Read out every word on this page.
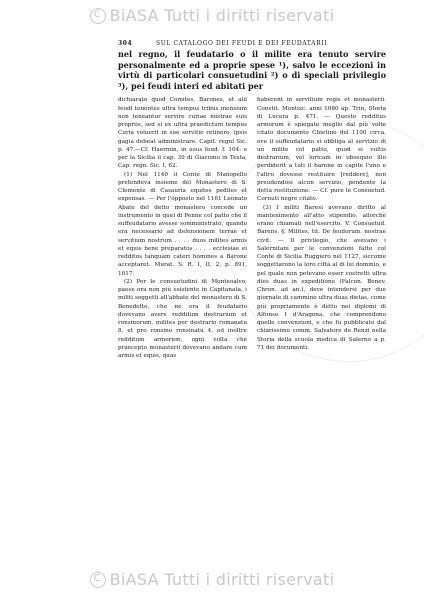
cBiASA Tutti i diritti riservati
304	SUL CATALOGO DEI FEUDI E DEI FEUDATARII

nel regno, il feudatario o il milite era tenuto servire personalmente ed a proprie spese ¹), salvo le eccezioni in virtù di particolari consuetudini ²) o di speciali privilegio ³), pei feudi interi ed abitati per

dichiarato quod Comites, Barones, et alii feudi tenentes ultra tempus tribus mensium non teneantur servire curiae nostrae suis propriis, sed si ex ultra praedictum tempus Curia voluerit in suo servitio retinere, ipsis gagia debeat administrare. Capit. regni Sic. p. 47.—Cf. Haermin, in usus feud. f. 104. e per la Sicilia il cap. 39 di Giacomo in Testa, Cap. regn. Sic. I, 62.

(1) Nel 1140 il Conte di Manopello pretendeva insieme del Monastero di S. Clemente di Casauria equites pediles et expensas. — Per l'opposto nel 1161 Leonato Abate del detto monastero concede un instrumento in quel di Penne col patto che il suffeudatario avesse somministrato, quando era necessario ad defensionem terrae et servitium nostrum . . . . duos milites armis et equis bene preparatos . . . . ecclesiae ei redditus tanquam cateri homines a Barone acceptaret. Murat. S. R. I, II, 2, p. 891, 1017.

(2) Per le consuetudini di Monteoalvo, paese ora non più esistente in Capitanata, i militi soggetti all'abbate del monastero di S. Benedetto, che ne era il feudatario dovevano avere redditum destrarium et ronsinorum, milites per destrario romanatu 8, et pro ronsino ronsinatu 4, ed inoltre redditum armorum, ogni volta che praecepto monasterii dovevano andare cum armis et equis, quas

haberent in servitium regis et monasterii. Constit. Montisc. anni 1080 ap. Trin, Storia di Lucera p. 471. — Questo redditus armorum è spiegato meglio dal più volte citato documento Chietino del 1100 circa, ove il suffeudatario si obbliga al servizio di un milite col patto, quod si vultis destrarium, vel loricam in obsequio illo perdiderit a tuti il barone in capite l'uno e l'altro dovesse restituire [reddere], non preudendosi alcun servizio, pendente la detta restituzione. — Cf. pure le Consuetud. Cornuti negre citato.

(3) I militi Baresi avevano diritto al mantenimento all'atto stipendio, allorchè erano chiamati nell'esercito. V. Consuetud. Barens. §. Milites, tit. De feudorum. nostrae civit. — Il privilegio, che avevano i Salernitani per le convenzioni fatte col Conte di Sicilia Ruggiero nel 1127, siccome soggettarono la loro città al di lui dominio, e pel quale non potevano esser costretti ultra dies duas in expeditione (Falcon. Benev. Chron. ad an.), deve intendersi per due giornate di cammino ultra duas dietas, come più propriamente è detto nei diplomi di Alfonso I d'Aragona, che comprendono quelle convenzioni, e che fu pubblicato dal chiarissimo comm. Salvatore de Renzi nella Storia della scuola medica di Salerno a p. 71 dei documenti.

cBiASA Tutti i diritti riservati
